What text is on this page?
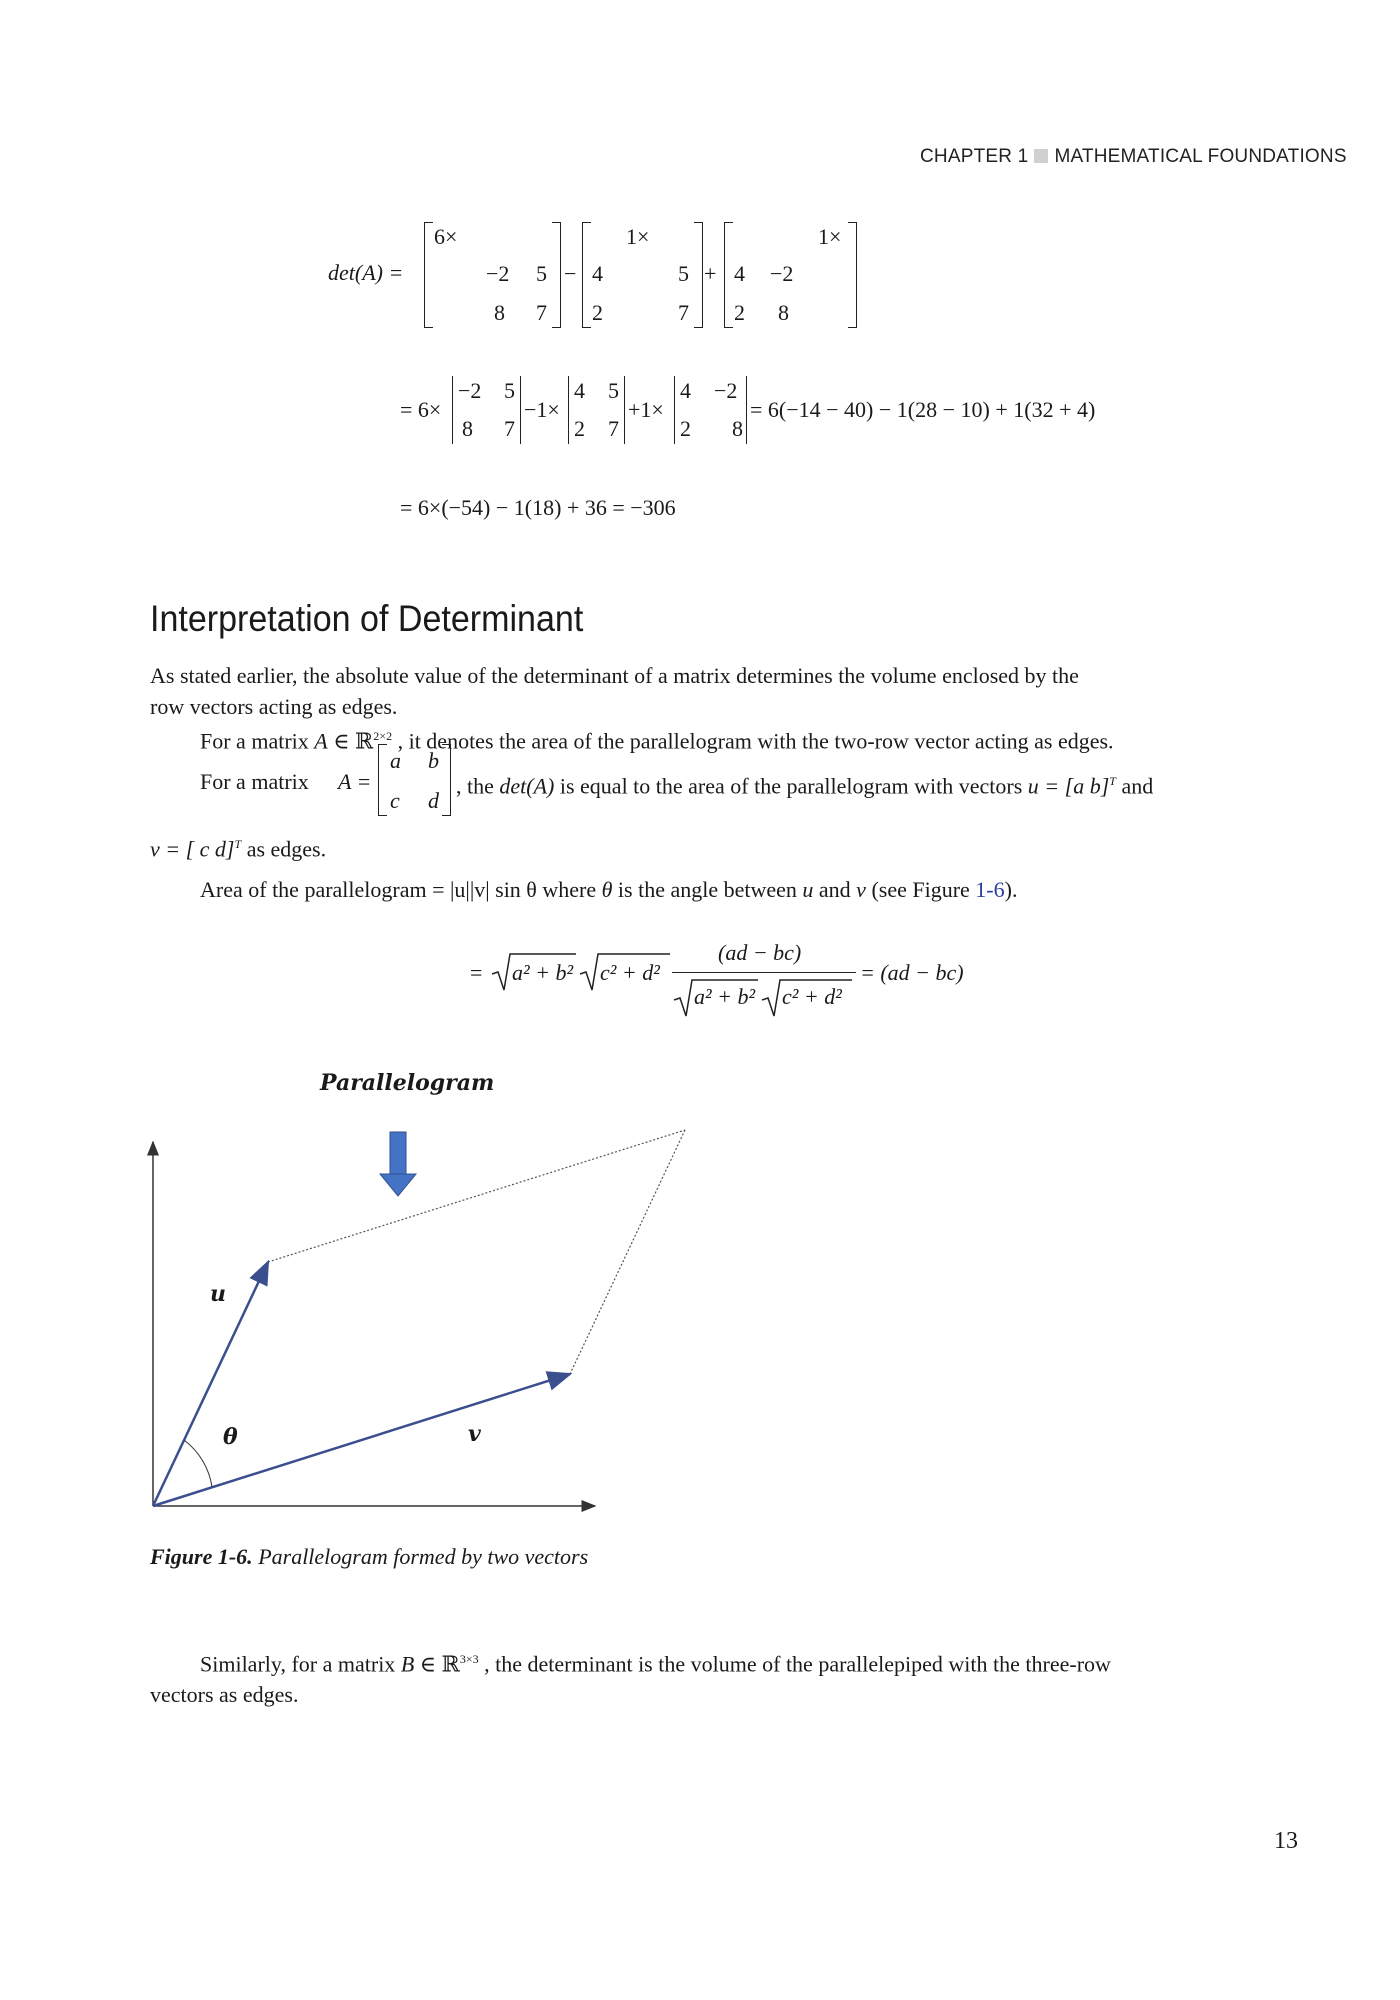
CHAPTER 1 MATHEMATICAL FOUNDATIONS
det(A) =
6×
−2 5
8 7
−
1×
4	5
2	7
+
1×
4 −2
2 8
= 6×
−2 5
8 7
−1×
4 5
2 7
+1×
4 −2
2 8
= 6(−14 − 40) − 1(28 − 10) + 1(32 + 4)
= 6×(−54) − 1(18) + 36 = −306
Interpretation of Determinant
As stated earlier, the absolute value of the determinant of a matrix determines the volume enclosed by the
row vectors acting as edges.
For a matrix A ∈ ℝ$^{2\times 2}$ , it denotes the area of the parallelogram with the two-row vector acting as edges.
For a matrix A =
a b
c d
, the det(A) is equal to the area of the parallelogram with vectors u = [a b]$^T$ and
v = [ c d]$^T$ as edges.
Area of the parallelogram = |u||v| sin θ where θ is the angle between u and v (see Figure 1-6).
= a² + b² c² + d²
(ad − bc)
a² + b² c² + d²
= (ad − bc)
Parallelogram
u
v
θ
Figure 1-6. Parallelogram formed by two vectors
Similarly, for a matrix B ∈ ℝ$^{3\times 3}$ , the determinant is the volume of the parallelepiped with the three-row
vectors as edges.
13
